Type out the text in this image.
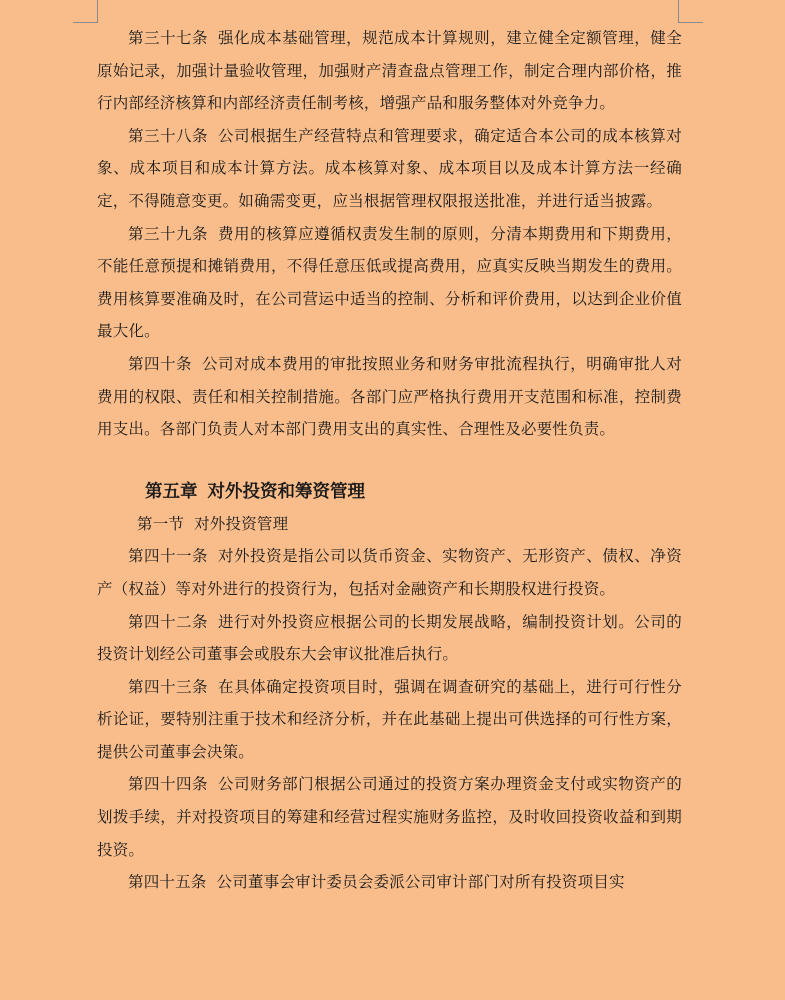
第三十七条 强化成本基础管理，规范成本计算规则，建立健全定额管理，健全原始记录，加强计量验收管理，加强财产清查盘点管理工作，制定合理内部价格，推行内部经济核算和内部经济责任制考核，增强产品和服务整体对外竞争力。

第三十八条 公司根据生产经营特点和管理要求，确定适合本公司的成本核算对象、成本项目和成本计算方法。成本核算对象、成本项目以及成本计算方法一经确定，不得随意变更。如确需变更，应当根据管理权限报送批准，并进行适当披露。

第三十九条 费用的核算应遵循权责发生制的原则，分清本期费用和下期费用，不能任意预提和摊销费用，不得任意压低或提高费用，应真实反映当期发生的费用。费用核算要准确及时，在公司营运中适当的控制、分析和评价费用，以达到企业价值最大化。

第四十条 公司对成本费用的审批按照业务和财务审批流程执行，明确审批人对费用的权限、责任和相关控制措施。各部门应严格执行费用开支范围和标准，控制费用支出。各部门负责人对本部门费用支出的真实性、合理性及必要性负责。

第五章 对外投资和筹资管理

第一节 对外投资管理

第四十一条 对外投资是指公司以货币资金、实物资产、无形资产、债权、净资产（权益）等对外进行的投资行为，包括对金融资产和长期股权进行投资。

第四十二条 进行对外投资应根据公司的长期发展战略，编制投资计划。公司的投资计划经公司董事会或股东大会审议批准后执行。

第四十三条 在具体确定投资项目时，强调在调查研究的基础上，进行可行性分析论证，要特别注重于技术和经济分析，并在此基础上提出可供选择的可行性方案，提供公司董事会决策。

第四十四条 公司财务部门根据公司通过的投资方案办理资金支付或实物资产的划拨手续，并对投资项目的筹建和经营过程实施财务监控，及时收回投资收益和到期投资。

第四十五条 公司董事会审计委员会委派公司审计部门对所有投资项目实
